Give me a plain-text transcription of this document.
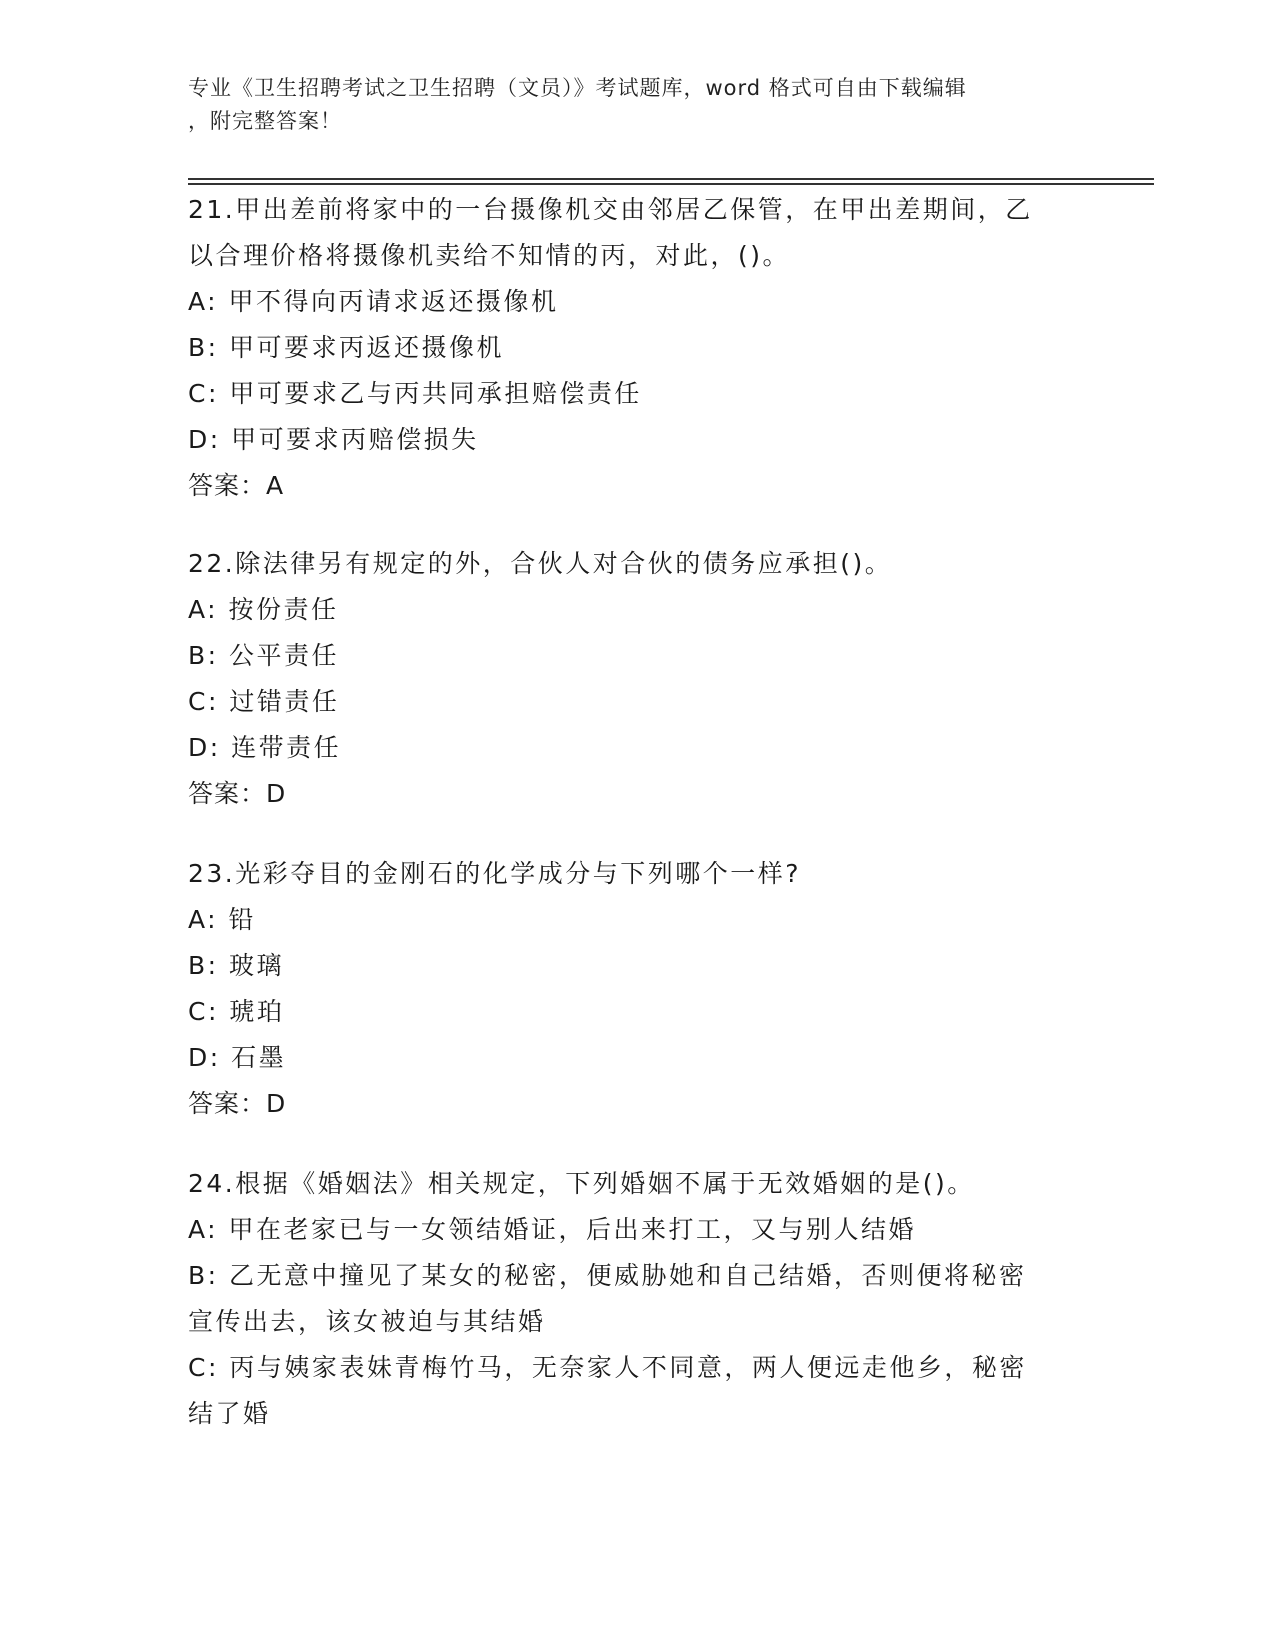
专业《卫生招聘考试之卫生招聘（文员）》考试题库，word 格式可自由下载编辑
，附完整答案！
21.甲出差前将家中的一台摄像机交由邻居乙保管，在甲出差期间，乙
以合理价格将摄像机卖给不知情的丙，对此，()。
A: 甲不得向丙请求返还摄像机
B: 甲可要求丙返还摄像机
C: 甲可要求乙与丙共同承担赔偿责任
D: 甲可要求丙赔偿损失
答案：A
22.除法律另有规定的外，合伙人对合伙的债务应承担()。
A: 按份责任
B: 公平责任
C: 过错责任
D: 连带责任
答案：D
23.光彩夺目的金刚石的化学成分与下列哪个一样?
A: 铅
B: 玻璃
C: 琥珀
D: 石墨
答案：D
24.根据《婚姻法》相关规定，下列婚姻不属于无效婚姻的是()。
A: 甲在老家已与一女领结婚证，后出来打工，又与别人结婚
B: 乙无意中撞见了某女的秘密，便威胁她和自己结婚，否则便将秘密
宣传出去，该女被迫与其结婚
C: 丙与姨家表妹青梅竹马，无奈家人不同意，两人便远走他乡，秘密
结了婚
